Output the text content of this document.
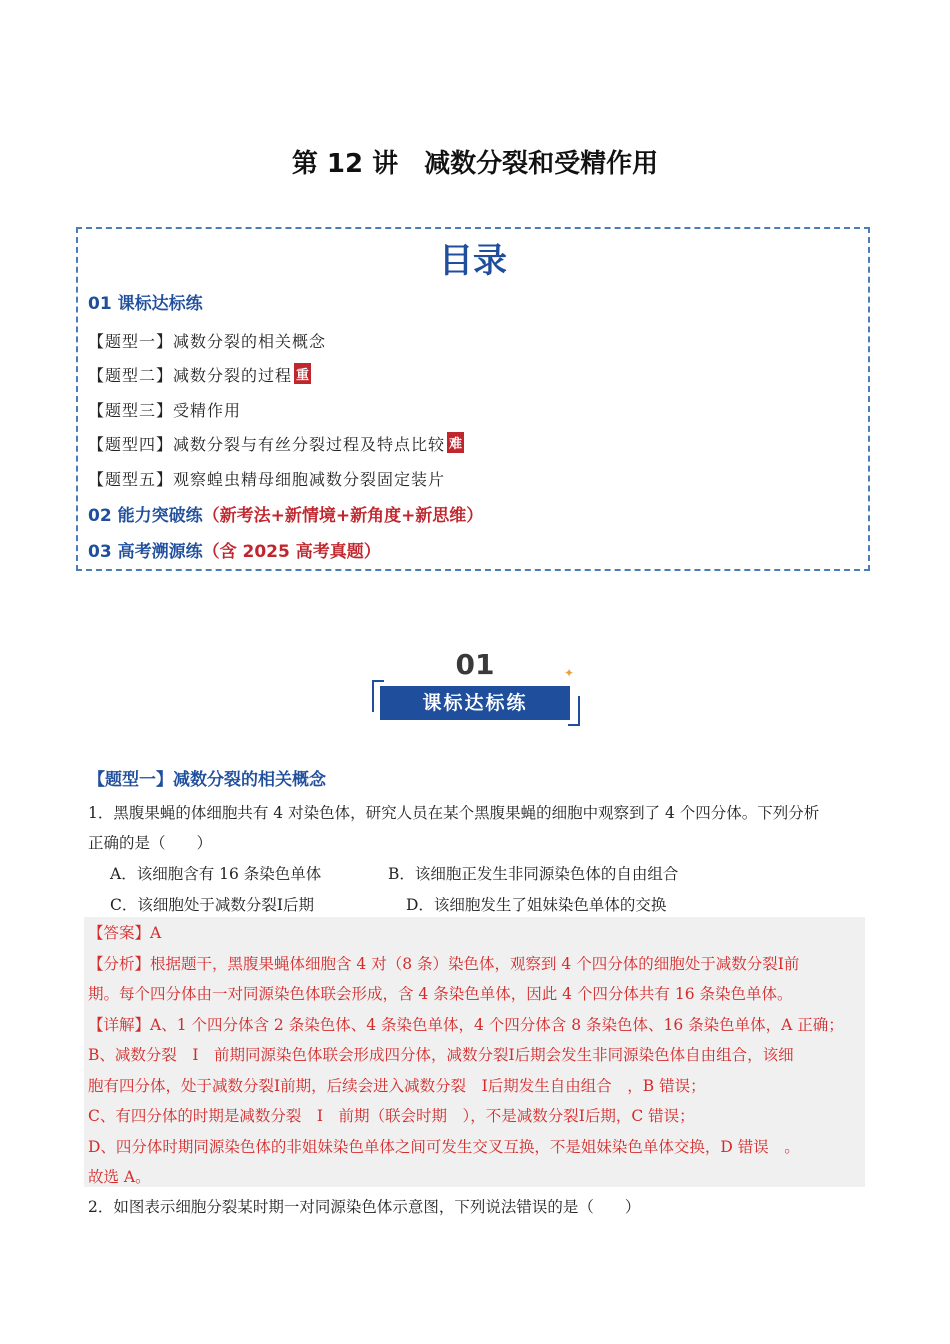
第 12 讲　减数分裂和受精作用
目录
01 课标达标练
【题型一】减数分裂的相关概念
【题型二】减数分裂的过程 重
【题型三】受精作用
【题型四】减数分裂与有丝分裂过程及特点比较 难
【题型五】观察蝗虫精母细胞减数分裂固定装片
02 能力突破练（新考法+新情境+新角度+新思维）
03 高考溯源练（含 2025 高考真题）
01	✦
课标达标练
【题型一】减数分裂的相关概念
1．黑腹果蝇的体细胞共有 4 对染色体，研究人员在某个黑腹果蝇的细胞中观察到了 4 个四分体。下列分析
正确的是（　　）
A．该细胞含有 16 条染色单体	B．该细胞正发生非同源染色体的自由组合
C．该细胞处于减数分裂Ⅰ后期	D．该细胞发生了姐妹染色单体的交换
【答案】A
【分析】根据题干，黑腹果蝇体细胞含 4 对（8 条）染色体，观察到 4 个四分体的细胞处于减数分裂Ⅰ前
期。每个四分体由一对同源染色体联会形成，含 4 条染色单体，因此 4 个四分体共有 16 条染色单体。
【详解】A、1 个四分体含 2 条染色体、4 条染色单体，4 个四分体含 8 条染色体、16 条染色单体，A 正确；
B、减数分裂　Ⅰ　前期同源染色体联会形成四分体，减数分裂Ⅰ后期会发生非同源染色体自由组合，该细
胞有四分体，处于减数分裂Ⅰ前期，后续会进入减数分裂　Ⅰ后期发生自由组合　，B 错误；
C、有四分体的时期是减数分裂　Ⅰ　前期（联会时期　），不是减数分裂Ⅰ后期，C 错误；
D、四分体时期同源染色体的非姐妹染色单体之间可发生交叉互换，不是姐妹染色单体交换，D 错误　。
故选 A。
2．如图表示细胞分裂某时期一对同源染色体示意图，下列说法错误的是（　　）
